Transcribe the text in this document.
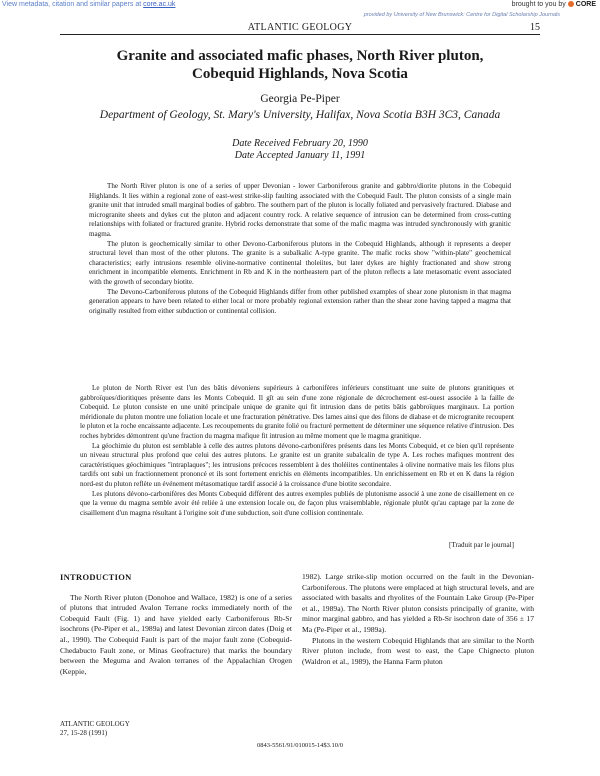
View metadata, citation and similar papers at core.ac.uk	brought to you by CORE
provided by University of New Brunswick: Centre for Digital Scholarship Journals
ATLANTIC GEOLOGY	15
Granite and associated mafic phases, North River pluton,
Cobequid Highlands, Nova Scotia
Georgia Pe-Piper
Department of Geology, St. Mary's University, Halifax, Nova Scotia B3H 3C3, Canada
Date Received February 20, 1990
Date Accepted January 11, 1991

The North River pluton is one of a series of upper Devonian - lower Carboniferous granite and gabbro/diorite plutons in the Cobequid Highlands. It lies within a regional zone of east-west strike-slip faulting associated with the Cobequid Fault. The pluton consists of a single main granite unit that intruded small marginal bodies of gabbro. The southern part of the pluton is locally foliated and pervasively fractured. Diabase and microgranite sheets and dykes cut the pluton and adjacent country rock. A relative sequence of intrusion can be determined from cross-cutting relationships with foliated or fractured granite. Hybrid rocks demonstrate that some of the mafic magma was intruded synchronously with granitic magma.

The pluton is geochemically similar to other Devono-Carboniferous plutons in the Cobequid Highlands, although it represents a deeper structural level than most of the other plutons. The granite is a subalkalic A-type granite. The mafic rocks show "within-plate" geochemical characteristics; early intrusions resemble olivine-normative continental tholeiites, but later dykes are highly fractionated and show strong enrichment in incompatible elements. Enrichment in Rb and K in the northeastern part of the pluton reflects a late metasomatic event associated with the growth of secondary biotite.

The Devono-Carboniferous plutons of the Cobequid Highlands differ from other published examples of shear zone plutonism in that magma generation appears to have been related to either local or more probably regional extension rather than the shear zone having tapped a magma that originally resulted from either subduction or continental collision.

Le pluton de North River est l'un des bâtis dévoniens supérieurs à carbonifères inférieurs constituant une suite de plutons granitiques et gabbroïques/dioritiques présente dans les Monts Cobequid. Il gît au sein d'une zone régionale de décrochement est-ouest associée à la faille de Cobequid. Le pluton consiste en une unité principale unique de granite qui fit intrusion dans de petits bâtis gabbroïques marginaux. La portion méridionale du pluton montre une foliation locale et une fracturation pénétrative. Des lames ainsi que des filons de diabase et de microgranite recoupent le pluton et la roche encaissante adjacente. Les recoupements du granite folié ou fracturé permettent de déterminer une séquence relative d'intrusion. Des roches hybrides démontrent qu'une fraction du magma mafique fit intrusion au même moment que le magma granitique.

La géochimie du pluton est semblable à celle des autres plutons dévono-carbonifères présents dans les Monts Cobequid, et ce bien qu'il représente un niveau structural plus profond que celui des autres plutons. Le granite est un granite subalcalin de type A. Les roches mafiques montrent des caractéristiques géochimiques "intraplaques"; les intrusions précoces ressemblent à des tholéiites continentales à olivine normative mais les filons plus tardifs ont subi un fractionnement prononcé et ils sont fortement enrichis en éléments incompatibles. Un enrichissement en Rb et en K dans la région nord-est du pluton reflète un événement métasomatique tardif associé à la croissance d'une biotite secondaire.

Les plutons dévono-carbonifères des Monts Cobequid diffèrent des autres exemples publiés de plutonisme associé à une zone de cisaillement en ce que la venue du magma semble avoir été reliée à une extension locale ou, de façon plus vraisemblable, régionale plutôt qu'au captage par la zone de cisaillement d'un magma résultant à l'origine soit d'une subduction, soit d'une collision continentale.

[Traduit par le journal]

INTRODUCTION

The North River pluton (Donohoe and Wallace, 1982) is one of a series of plutons that intruded Avalon Terrane rocks immediately north of the Cobequid Fault (Fig. 1) and have yielded early Carboniferous Rb-Sr isochrons (Pe-Piper et al., 1989a) and latest Devonian zircon dates (Doig et al., 1990). The Cobequid Fault is part of the major fault zone (Cobequid-Chedabucto Fault zone, or Minas Geofracture) that marks the boundary between the Meguma and Avalon terranes of the Appalachian Orogen (Keppie,

1982). Large strike-slip motion occurred on the fault in the Devonian-Carboniferous. The plutons were emplaced at high structural levels, and are associated with basalts and rhyolites of the Fountain Lake Group (Pe-Piper et al., 1989a). The North River pluton consists principally of granite, with minor marginal gabbro, and has yielded a Rb-Sr isochron date of 356 ± 17 Ma (Pe-Piper et al., 1989a).

Plutons in the western Cobequid Highlands that are similar to the North River pluton include, from west to east, the Cape Chignecto pluton (Waldron et al., 1989), the Hanna Farm pluton

ATLANTIC GEOLOGY
27, 15-28 (1991)
0843-5561/91/010015-14$3.10/0
